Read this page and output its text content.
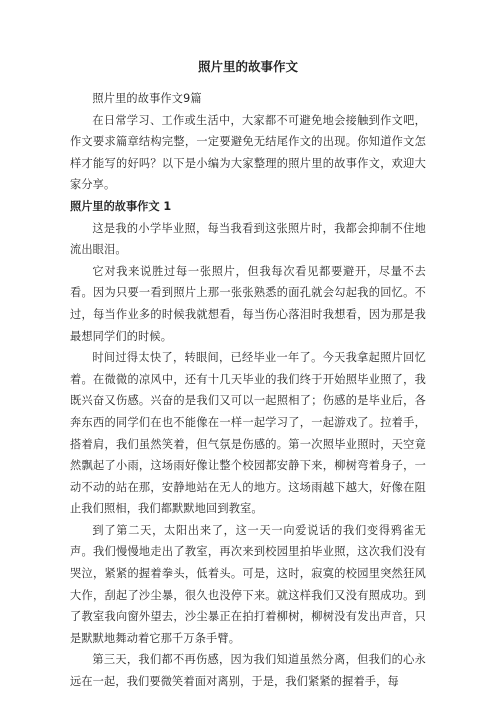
照片里的故事作文

照片里的故事作文9篇

在日常学习、工作或生活中，大家都不可避免地会接触到作文吧，作文要求篇章结构完整，一定要避免无结尾作文的出现。你知道作文怎样才能写的好吗？以下是小编为大家整理的照片里的故事作文，欢迎大家分享。

照片里的故事作文 1

这是我的小学毕业照，每当我看到这张照片时，我都会抑制不住地流出眼泪。

它对我来说胜过每一张照片，但我每次看见都要避开，尽量不去看。因为只要一看到照片上那一张张熟悉的面孔就会勾起我的回忆。不过，每当作业多的时候我就想看，每当伤心落泪时我想看，因为那是我最想同学们的时候。

时间过得太快了，转眼间，已经毕业一年了。今天我拿起照片回忆着。在微微的凉风中，还有十几天毕业的我们终于开始照毕业照了，我既兴奋又伤感。兴奋的是我们又可以一起照相了；伤感的是毕业后，各奔东西的同学们在也不能像在一样一起学习了，一起游戏了。拉着手，搭着肩，我们虽然笑着，但气氛是伤感的。第一次照毕业照时，天空竟然飘起了小雨，这场雨好像让整个校园都安静下来，柳树弯着身子，一动不动的站在那，安静地站在无人的地方。这场雨越下越大，好像在阻止我们照相，我们都默默地回到教室。

到了第二天，太阳出来了，这一天一向爱说话的我们变得鸦雀无声。我们慢慢地走出了教室，再次来到校园里拍毕业照，这次我们没有哭泣，紧紧的握着拳头，低着头。可是，这时，寂寞的校园里突然狂风大作，刮起了沙尘暴，很久也没停下来。就这样我们又没有照成功。到了教室我向窗外望去，沙尘暴正在拍打着柳树，柳树没有发出声音，只是默默地舞动着它那千万条手臂。

第三天，我们都不再伤感，因为我们知道虽然分离，但我们的心永远在一起，我们要微笑着面对离别，于是，我们紧紧的握着手，每
